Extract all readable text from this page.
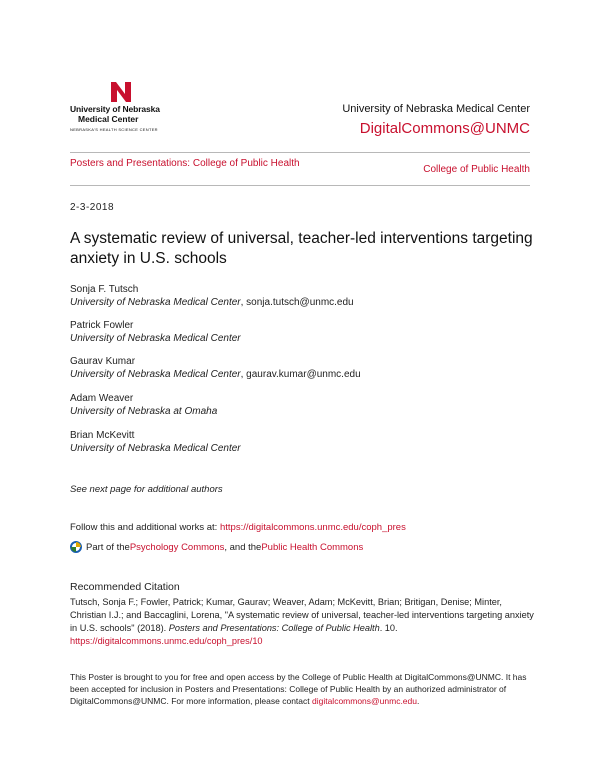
University of Nebraska
Medical Center
NEBRASKA'S HEALTH SCIENCE CENTER
University of Nebraska Medical Center
DigitalCommons@UNMC
Posters and Presentations: College of Public Health
College of Public Health
2-3-2018
A systematic review of universal, teacher-led interventions targeting anxiety in U.S. schools
Sonja F. Tutsch
University of Nebraska Medical Center, sonja.tutsch@unmc.edu
Patrick Fowler
University of Nebraska Medical Center
Gaurav Kumar
University of Nebraska Medical Center, gaurav.kumar@unmc.edu
Adam Weaver
University of Nebraska at Omaha
Brian McKevitt
University of Nebraska Medical Center
See next page for additional authors
Follow this and additional works at: https://digitalcommons.unmc.edu/coph_pres
Part of the Psychology Commons , and the Public Health Commons
Recommended Citation
Tutsch, Sonja F.; Fowler, Patrick; Kumar, Gaurav; Weaver, Adam; McKevitt, Brian; Britigan, Denise; Minter, Christian I.J.; and Baccaglini, Lorena, "A systematic review of universal, teacher-led interventions targeting anxiety in U.S. schools" (2018). Posters and Presentations: College of Public Health. 10.
https://digitalcommons.unmc.edu/coph_pres/10
This Poster is brought to you for free and open access by the College of Public Health at DigitalCommons@UNMC. It has been accepted for inclusion in Posters and Presentations: College of Public Health by an authorized administrator of DigitalCommons@UNMC. For more information, please contact digitalcommons@unmc.edu.
